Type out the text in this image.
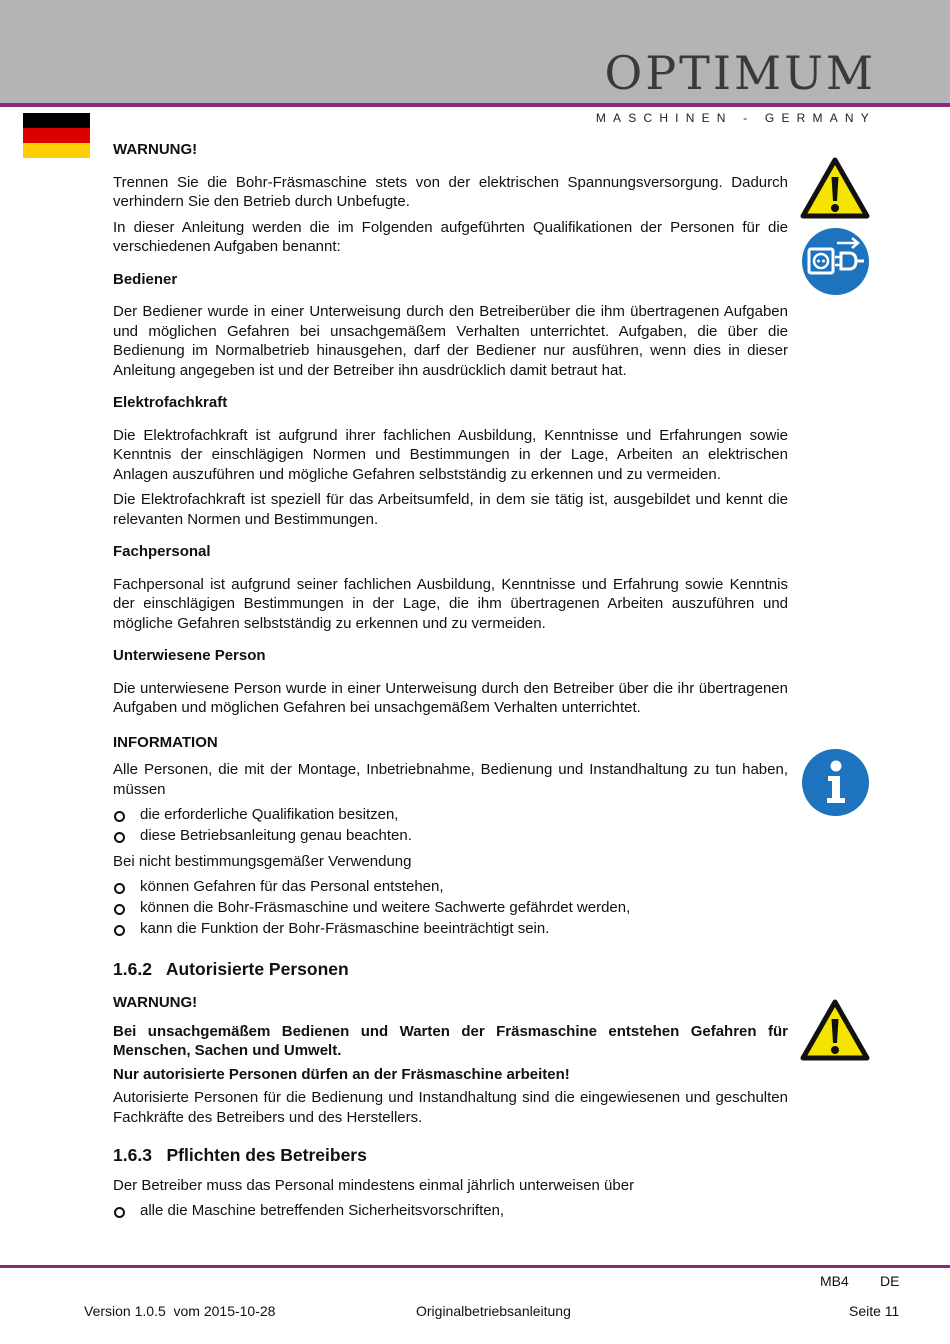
OPTIMUM
MASCHINEN - GERMANY

WARNUNG!

Trennen Sie die Bohr-Fräsmaschine stets von der elektrischen Spannungsversorgung. Dadurch verhindern Sie den Betrieb durch Unbefugte.

In dieser Anleitung werden die im Folgenden aufgeführten Qualifikationen der Personen für die verschiedenen Aufgaben benannt:

Bediener

Der Bediener wurde in einer Unterweisung durch den Betreiberüber die ihm übertragenen Aufgaben und möglichen Gefahren bei unsachgemäßem Verhalten unterrichtet. Aufgaben, die über die Bedienung im Normalbetrieb hinausgehen, darf der Bediener nur ausführen, wenn dies in dieser Anleitung angegeben ist und der Betreiber ihn ausdrücklich damit betraut hat.

Elektrofachkraft

Die Elektrofachkraft ist aufgrund ihrer fachlichen Ausbildung, Kenntnisse und Erfahrungen sowie Kenntnis der einschlägigen Normen und Bestimmungen in der Lage, Arbeiten an elektrischen Anlagen auszuführen und mögliche Gefahren selbstständig zu erkennen und zu vermeiden.

Die Elektrofachkraft ist speziell für das Arbeitsumfeld, in dem sie tätig ist, ausgebildet und kennt die relevanten Normen und Bestimmungen.

Fachpersonal

Fachpersonal ist aufgrund seiner fachlichen Ausbildung, Kenntnisse und Erfahrung sowie Kenntnis der einschlägigen Bestimmungen in der Lage, die ihm übertragenen Arbeiten auszuführen und mögliche Gefahren selbstständig zu erkennen und zu vermeiden.

Unterwiesene Person

Die unterwiesene Person wurde in einer Unterweisung durch den Betreiber über die ihr übertragenen Aufgaben und möglichen Gefahren bei unsachgemäßem Verhalten unterrichtet.

INFORMATION

Alle Personen, die mit der Montage, Inbetriebnahme, Bedienung und Instandhaltung zu tun haben, müssen

die erforderliche Qualifikation besitzen,
diese Betriebsanleitung genau beachten.

Bei nicht bestimmungsgemäßer Verwendung

können Gefahren für das Personal entstehen,
können die Bohr-Fräsmaschine und weitere Sachwerte gefährdet werden,
kann die Funktion der Bohr-Fräsmaschine beeinträchtigt sein.

1.6.2   Autorisierte Personen

WARNUNG!

Bei unsachgemäßem Bedienen und Warten der Fräsmaschine entstehen Gefahren für Menschen, Sachen und Umwelt.

Nur autorisierte Personen dürfen an der Fräsmaschine arbeiten!

Autorisierte Personen für die Bedienung und Instandhaltung sind die eingewiesenen und geschulten Fachkräfte des Betreibers und des Herstellers.

1.6.3   Pflichten des Betreibers

Der Betreiber muss das Personal mindestens einmal jährlich unterweisen über

alle die Maschine betreffenden Sicherheitsvorschriften,
MB4 DE
Version 1.0.5  vom 2015-10-28	Originalbetriebsanleitung	Seite 11
